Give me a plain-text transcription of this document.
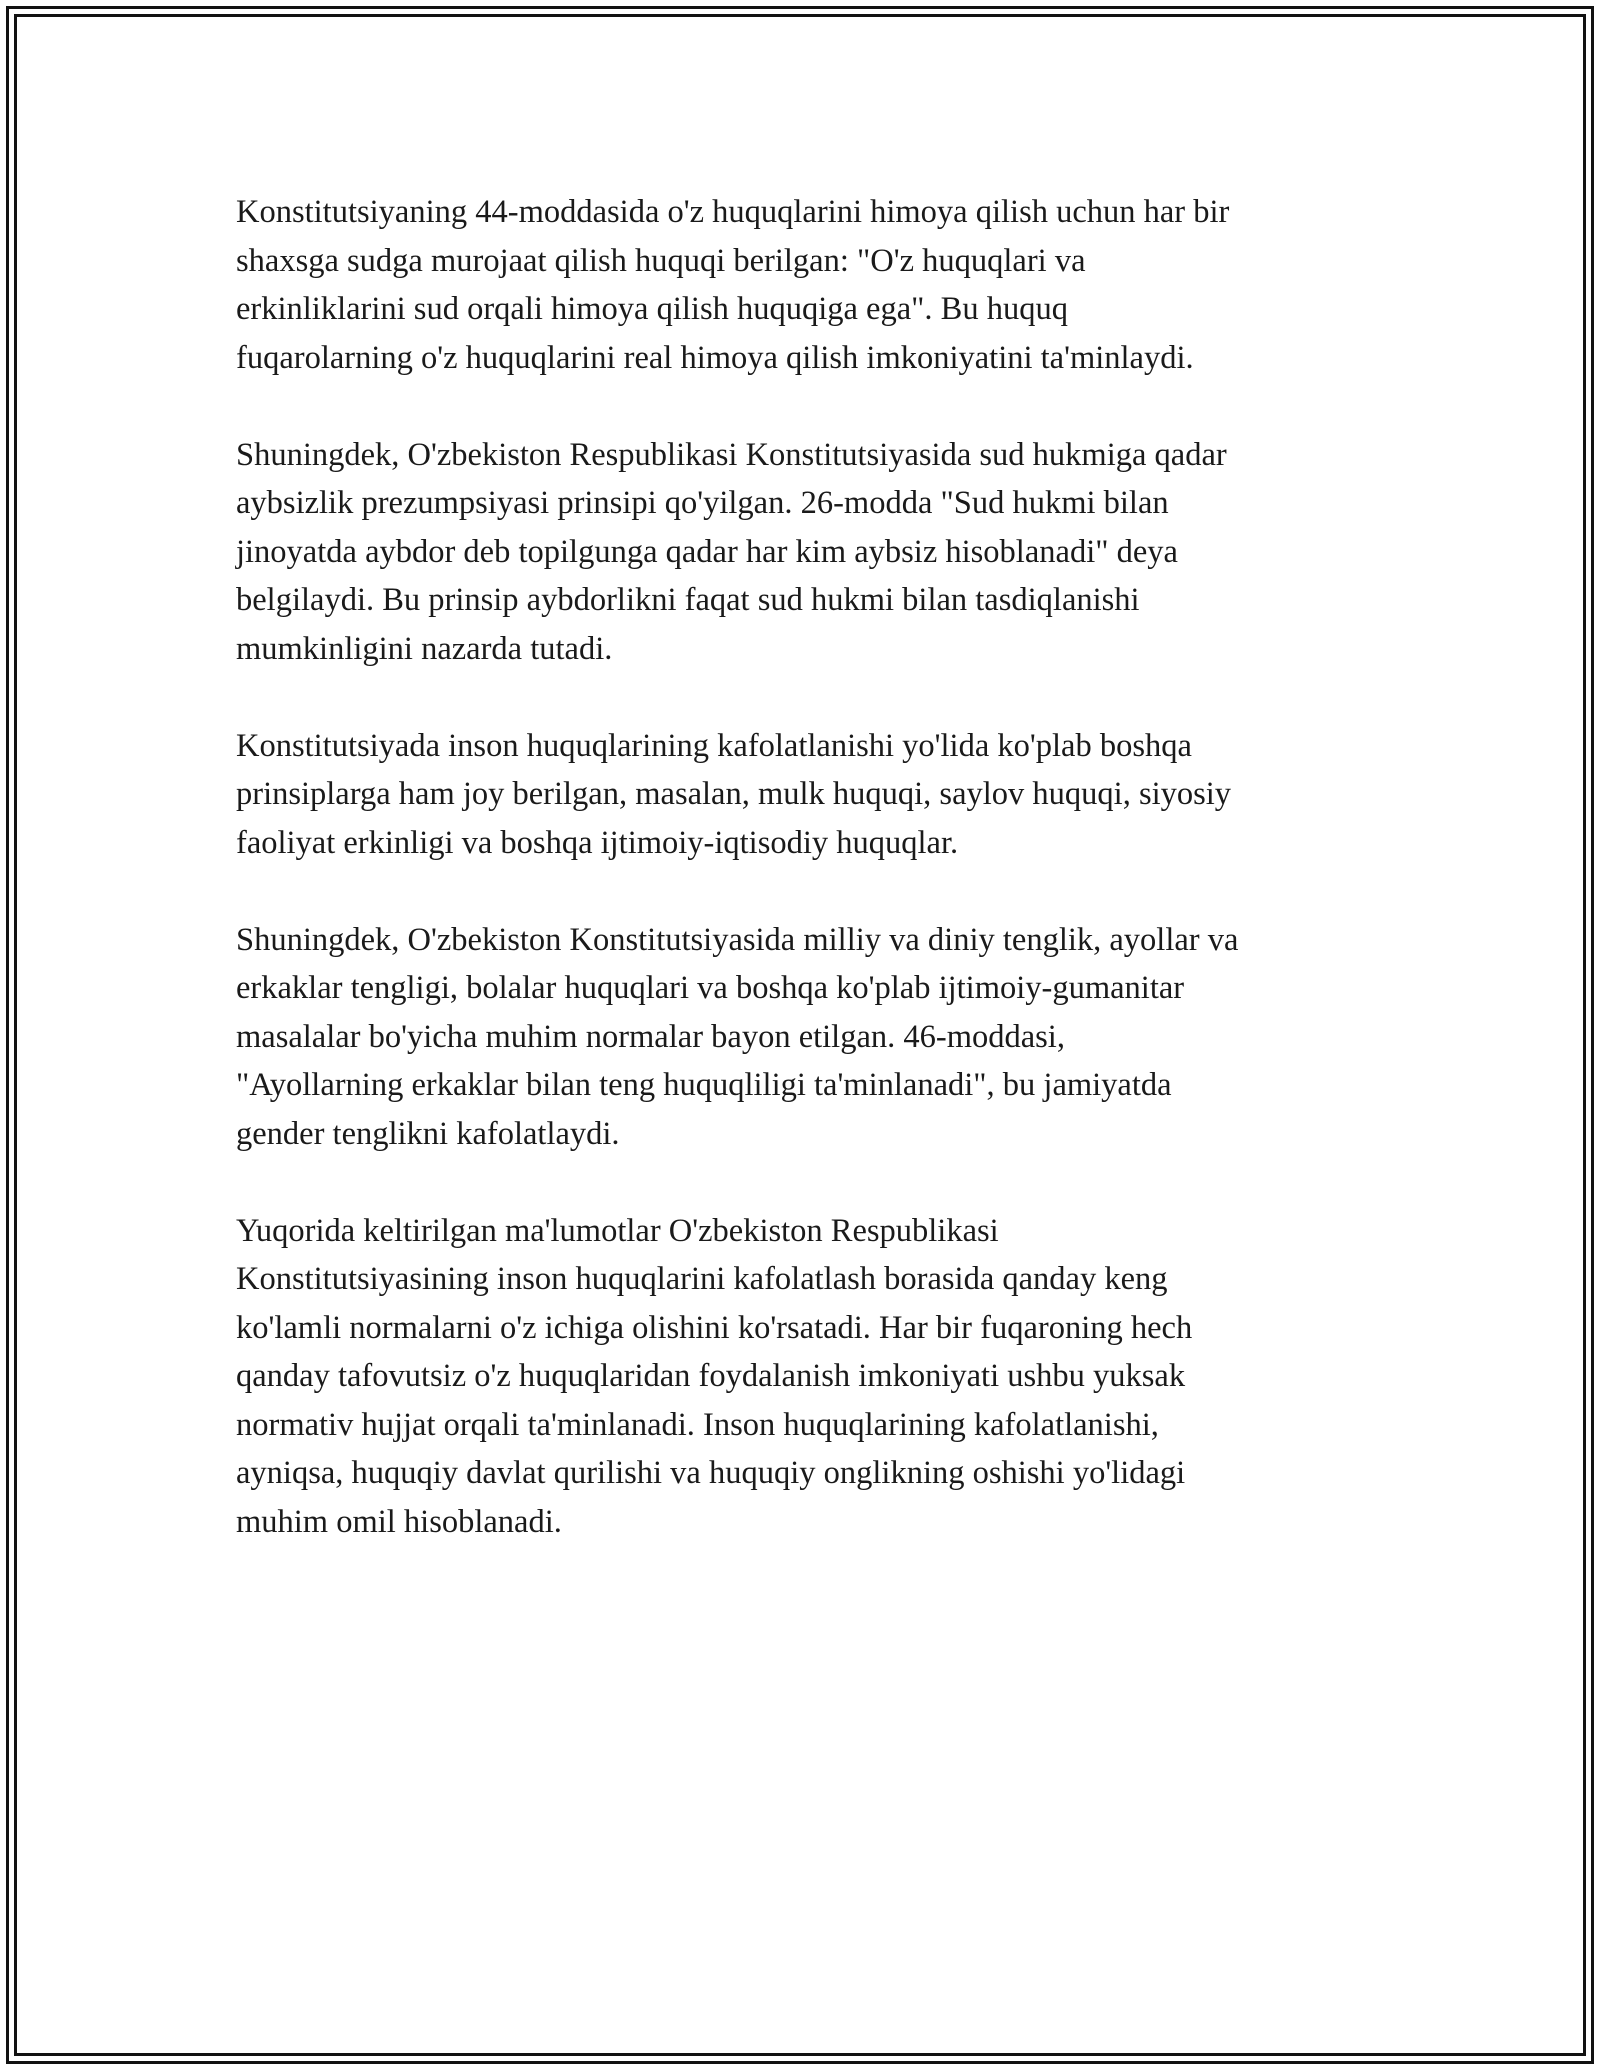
Konstitutsiyaning 44-moddasida o'z huquqlarini himoya qilish uchun har bir
shaxsga sudga murojaat qilish huquqi berilgan: "O'z huquqlari va
erkinliklarini sud orqali himoya qilish huquqiga ega". Bu huquq
fuqarolarning o'z huquqlarini real himoya qilish imkoniyatini ta'minlaydi.

Shuningdek, O'zbekiston Respublikasi Konstitutsiyasida sud hukmiga qadar
aybsizlik prezumpsiyasi prinsipi qo'yilgan. 26-modda "Sud hukmi bilan
jinoyatda aybdor deb topilgunga qadar har kim aybsiz hisoblanadi" deya
belgilaydi. Bu prinsip aybdorlikni faqat sud hukmi bilan tasdiqlanishi
mumkinligini nazarda tutadi.

Konstitutsiyada inson huquqlarining kafolatlanishi yo'lida ko'plab boshqa
prinsiplarga ham joy berilgan, masalan, mulk huquqi, saylov huquqi, siyosiy
faoliyat erkinligi va boshqa ijtimoiy-iqtisodiy huquqlar.

Shuningdek, O'zbekiston Konstitutsiyasida milliy va diniy tenglik, ayollar va
erkaklar tengligi, bolalar huquqlari va boshqa ko'plab ijtimoiy-gumanitar
masalalar bo'yicha muhim normalar bayon etilgan. 46-moddasi,
"Ayollarning erkaklar bilan teng huquqliligi ta'minlanadi", bu jamiyatda
gender tenglikni kafolatlaydi.

Yuqorida keltirilgan ma'lumotlar O'zbekiston Respublikasi
Konstitutsiyasining inson huquqlarini kafolatlash borasida qanday keng
ko'lamli normalarni o'z ichiga olishini ko'rsatadi. Har bir fuqaroning hech
qanday tafovutsiz o'z huquqlaridan foydalanish imkoniyati ushbu yuksak
normativ hujjat orqali ta'minlanadi. Inson huquqlarining kafolatlanishi,
ayniqsa, huquqiy davlat qurilishi va huquqiy onglikning oshishi yo'lidagi
muhim omil hisoblanadi.
